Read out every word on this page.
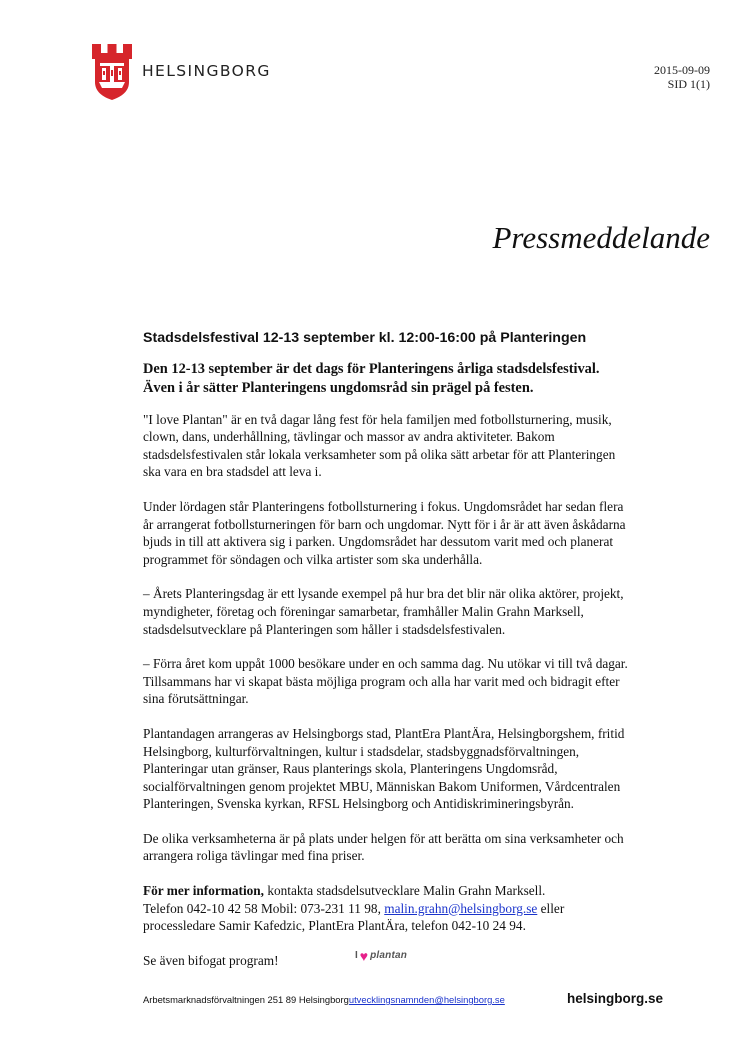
HELSINGBORG	2015-09-09
SID 1(1)
Pressmeddelande
Stadsdelsfestival 12-13 september kl. 12:00-16:00 på Planteringen
Den 12-13 september är det dags för Planteringens årliga stadsdelsfestival. Även i år sätter Planteringens ungdomsråd sin prägel på festen.

"I love Plantan" är en två dagar lång fest för hela familjen med fotbollsturnering, musik, clown, dans, underhållning, tävlingar och massor av andra aktiviteter. Bakom stadsdelsfestivalen står lokala verksamheter som på olika sätt arbetar för att Planteringen ska vara en bra stadsdel att leva i.

Under lördagen står Planteringens fotbollsturnering i fokus. Ungdomsrådet har sedan flera år arrangerat fotbollsturneringen för barn och ungdomar. Nytt för i år är att även åskådarna bjuds in till att aktivera sig i parken. Ungdomsrådet har dessutom varit med och planerat programmet för söndagen och vilka artister som ska underhålla.

– Årets Planteringsdag är ett lysande exempel på hur bra det blir när olika aktörer, projekt, myndigheter, företag och föreningar samarbetar, framhåller Malin Grahn Marksell, stadsdelsutvecklare på Planteringen som håller i stadsdelsfestivalen.

– Förra året kom uppåt 1000 besökare under en och samma dag. Nu utökar vi till två dagar. Tillsammans har vi skapat bästa möjliga program och alla har varit med och bidragit efter sina förutsättningar.

Plantandagen arrangeras av Helsingborgs stad, PlantEra PlantÄra, Helsingborgshem, fritid Helsingborg, kulturförvaltningen, kultur i stadsdelar, stadsbyggnadsförvaltningen, Planteringar utan gränser, Raus planterings skola, Planteringens Ungdomsråd, socialförvaltningen genom projektet MBU, Människan Bakom Uniformen, Vårdcentralen Planteringen, Svenska kyrkan, RFSL Helsingborg och Antidiskrimineringsbyrån.

De olika verksamheterna är på plats under helgen för att berätta om sina verksamheter och arrangera roliga tävlingar med fina priser.

För mer information, kontakta stadsdelsutvecklare Malin Grahn Marksell.
Telefon 042-10 42 58 Mobil: 073-231 11 98, malin.grahn@helsingborg.se eller
processledare Samir Kafedzic, PlantEra PlantÄra, telefon 042-10 24 94.

Se även bifogat program!	I ♥ plantan
Arbetsmarknadsförvaltningen 251 89 Helsingborgutvecklingsnamnden@helsingborg.se	helsingborg.se
